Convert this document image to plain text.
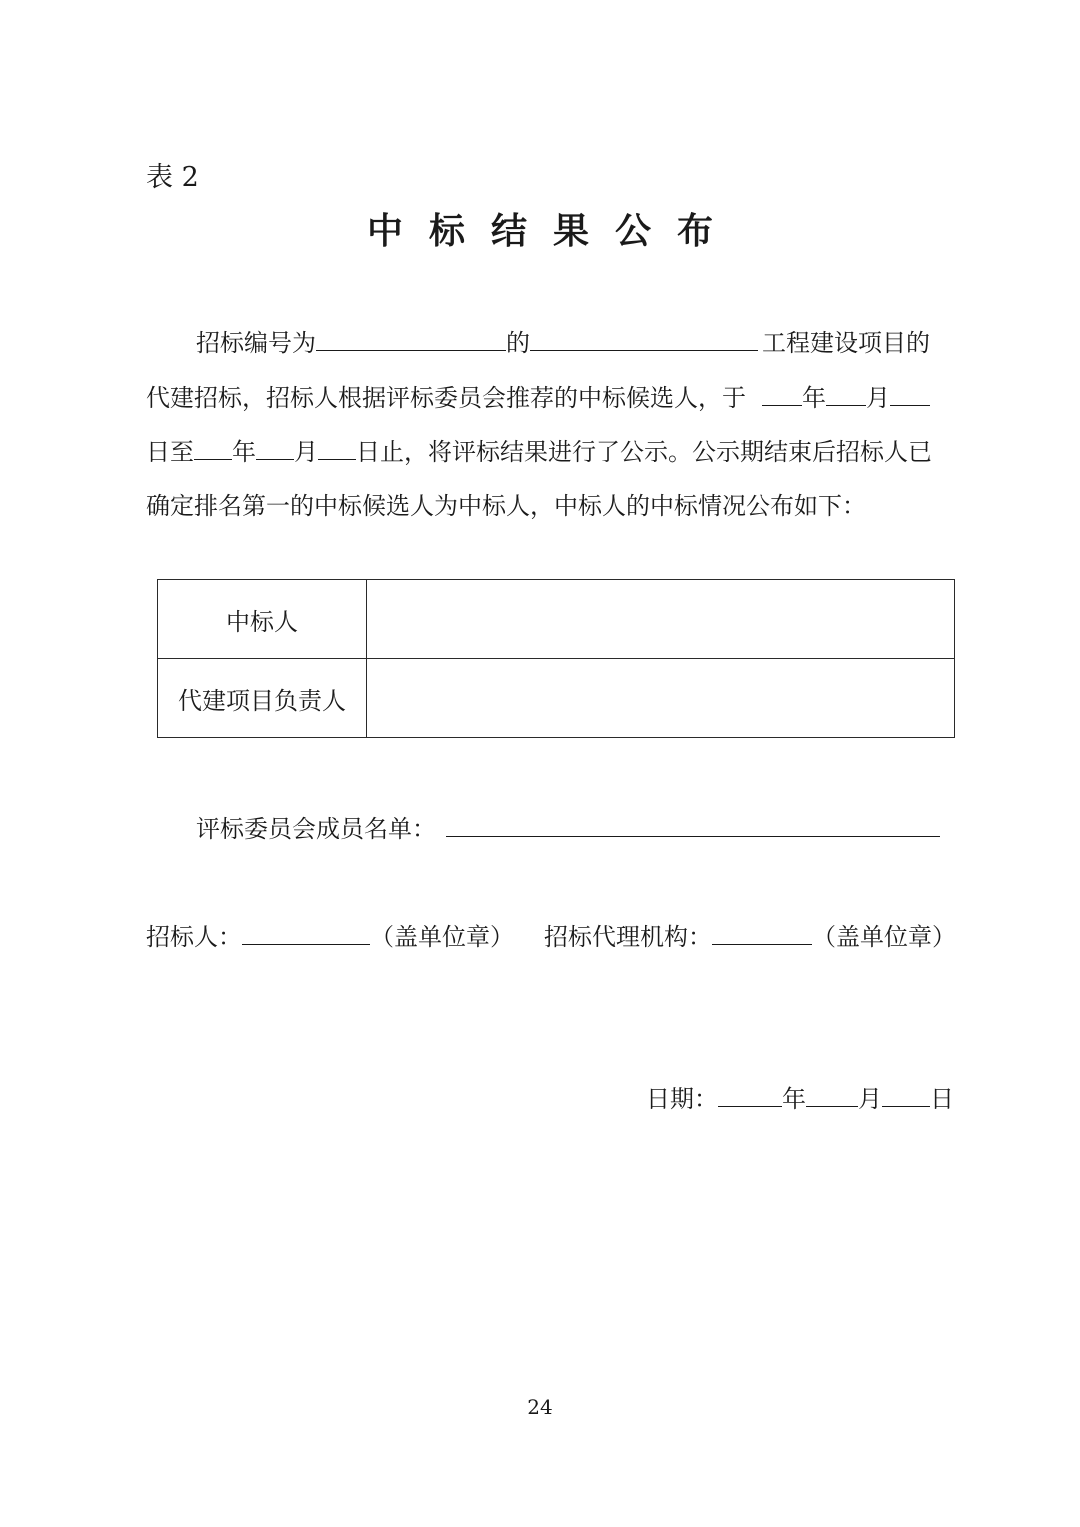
表 2
中标结果公布
招标编号为	的	工程建设项目的
代建招标，招标人根据评标委员会推荐的中标候选人，于 年 月
日至 年 月 日止，将评标结果进行了公示。公示期结束后招标人已
确定排名第一的中标候选人为中标人，中标人的中标情况公布如下：
中标人	
代建项目负责人	
评标委员会成员名单：
招标人：	（盖单位章） 招标代理机构：	（盖单位章）
日期：	年 月 日
24
